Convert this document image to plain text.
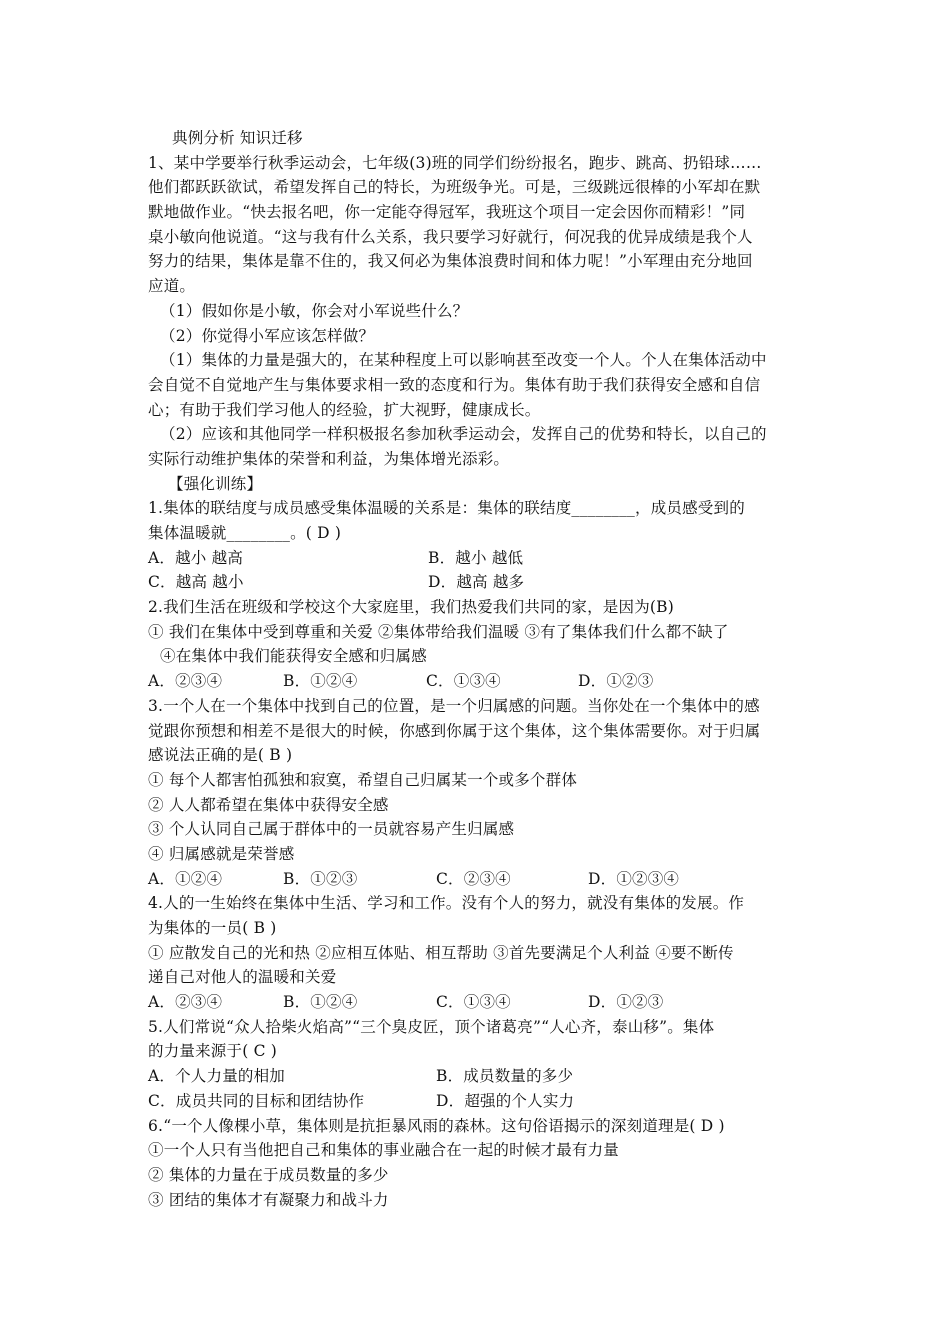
典例分析 知识迁移
1、某中学要举行秋季运动会，七年级(3)班的同学们纷纷报名，跑步、跳高、扔铅球……
他们都跃跃欲试，希望发挥自己的特长，为班级争光。可是，三级跳远很棒的小军却在默
默地做作业。“快去报名吧，你一定能夺得冠军，我班这个项目一定会因你而精彩！”同
桌小敏向他说道。“这与我有什么关系，我只要学习好就行，何况我的优异成绩是我个人
努力的结果，集体是靠不住的，我又何必为集体浪费时间和体力呢！”小军理由充分地回
应道。
（1）假如你是小敏，你会对小军说些什么？
（2）你觉得小军应该怎样做？
（1）集体的力量是强大的，在某种程度上可以影响甚至改变一个人。个人在集体活动中
会自觉不自觉地产生与集体要求相一致的态度和行为。集体有助于我们获得安全感和自信
心；有助于我们学习他人的经验，扩大视野，健康成长。
（2）应该和其他同学一样积极报名参加秋季运动会，发挥自己的优势和特长，以自己的
实际行动维护集体的荣誉和利益，为集体增光添彩。
【强化训练】
1.集体的联结度与成员感受集体温暖的关系是：集体的联结度________，成员感受到的
集体温暖就________。( D )
A．越小 越高	B．越小 越低
C．越高 越小	D．越高 越多
2.我们生活在班级和学校这个大家庭里，我们热爱我们共同的家，是因为(B)
① 我们在集体中受到尊重和关爱 ②集体带给我们温暖 ③有了集体我们什么都不缺了
④在集体中我们能获得安全感和归属感
A．②③④	B．①②④	C．①③④	D．①②③
3.一个人在一个集体中找到自己的位置，是一个归属感的问题。当你处在一个集体中的感
觉跟你预想和相差不是很大的时候，你感到你属于这个集体，这个集体需要你。对于归属
感说法正确的是( B )
① 每个人都害怕孤独和寂寞，希望自己归属某一个或多个群体
② 人人都希望在集体中获得安全感
③ 个人认同自己属于群体中的一员就容易产生归属感
④ 归属感就是荣誉感
A．①②④	B．①②③	C．②③④	D．①②③④
4.人的一生始终在集体中生活、学习和工作。没有个人的努力，就没有集体的发展。作
为集体的一员( B )
① 应散发自己的光和热 ②应相互体贴、相互帮助 ③首先要满足个人利益 ④要不断传
递自己对他人的温暖和关爱
A．②③④	B．①②④	C．①③④	D．①②③
5.人们常说“众人拾柴火焰高”“三个臭皮匠，顶个诸葛亮”“人心齐，泰山移”。集体
的力量来源于( C )
A．个人力量的相加	B．成员数量的多少
C．成员共同的目标和团结协作	D．超强的个人实力
6.“一个人像棵小草，集体则是抗拒暴风雨的森林。这句俗语揭示的深刻道理是( D )
①一个人只有当他把自己和集体的事业融合在一起的时候才最有力量
② 集体的力量在于成员数量的多少
③ 团结的集体才有凝聚力和战斗力
